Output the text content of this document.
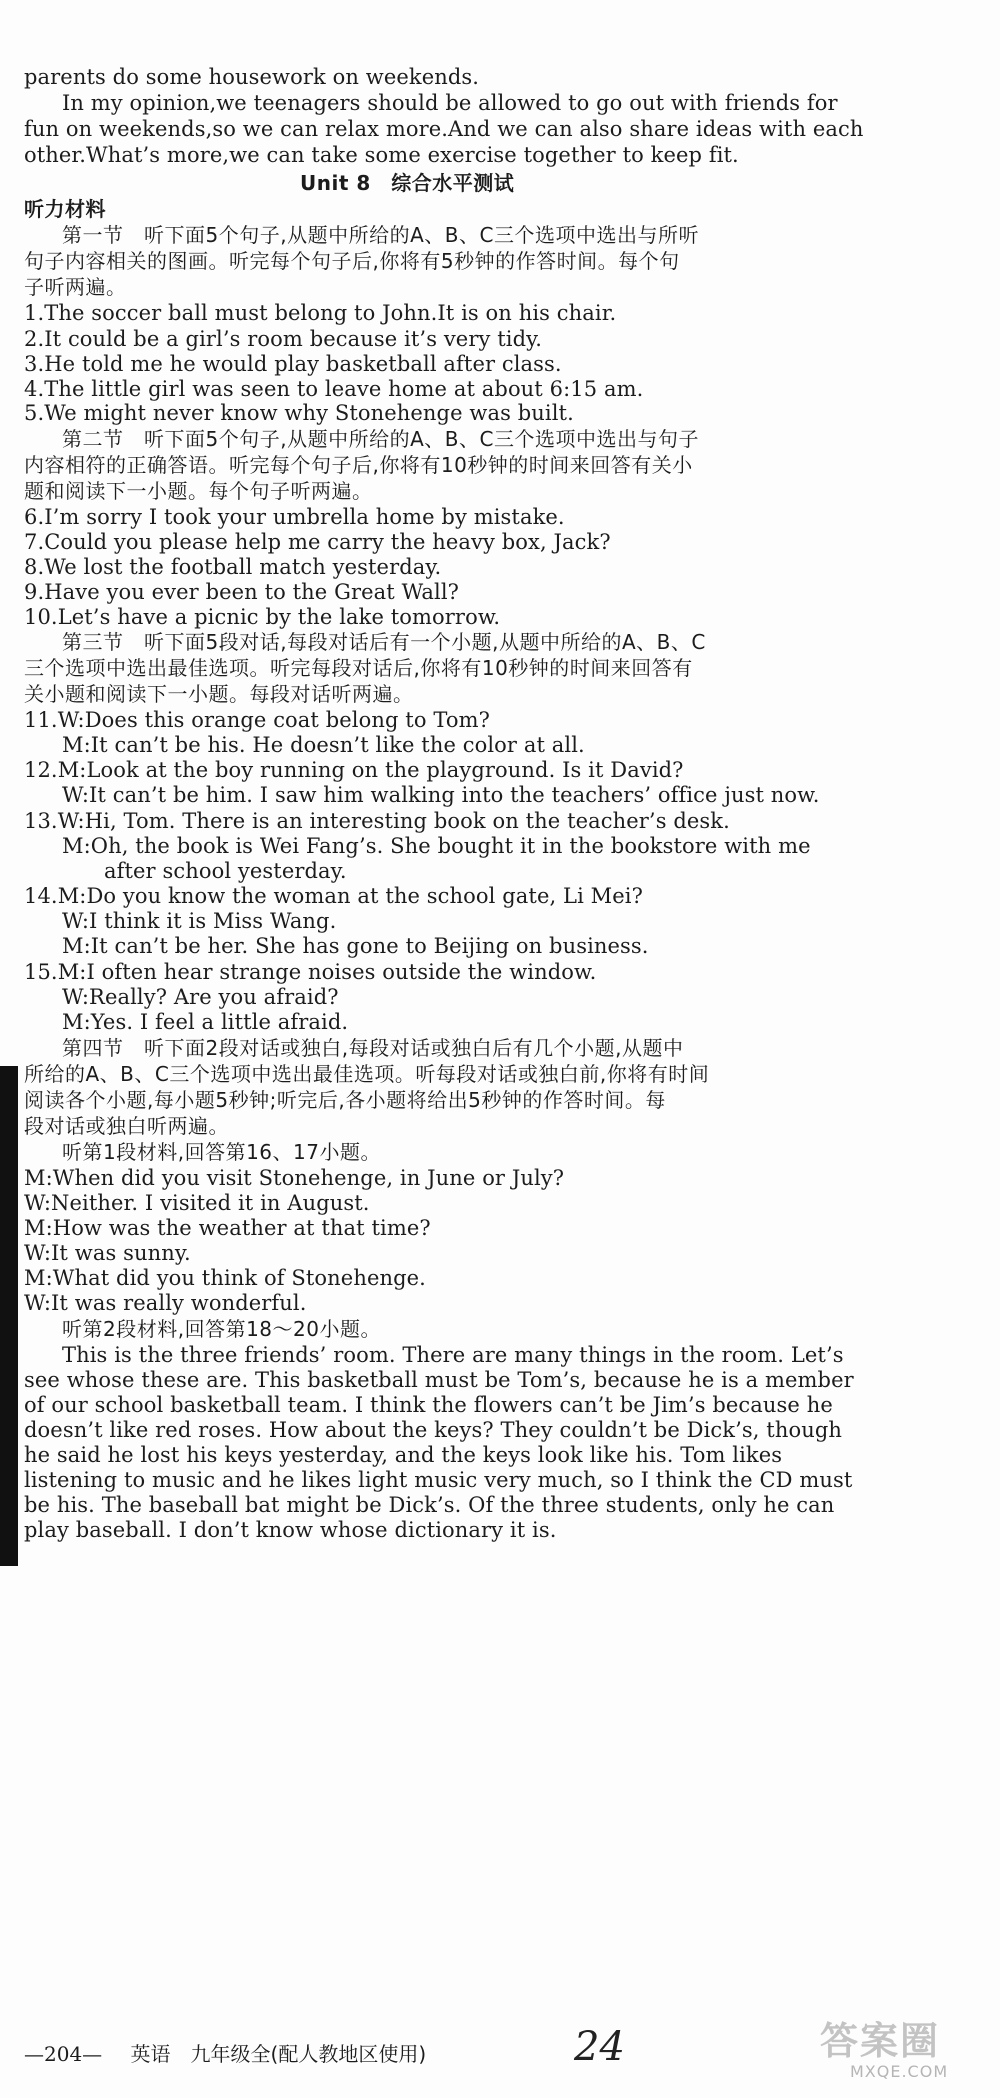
parents do some housework on weekends.
In my opinion,we teenagers should be allowed to go out with friends for
fun on weekends,so we can relax more.And we can also share ideas with each
other.What’s more,we can take some exercise together to keep fit.
Unit 8　综合水平测试
听力材料
第一节　听下面5个句子,从题中所给的A、B、C三个选项中选出与所听
句子内容相关的图画。听完每个句子后,你将有5秒钟的作答时间。每个句
子听两遍。
1.The soccer ball must belong to John.It is on his chair.
2.It could be a girl’s room because it’s very tidy.
3.He told me he would play basketball after class.
4.The little girl was seen to leave home at about 6:15 am.
5.We might never know why Stonehenge was built.
第二节　听下面5个句子,从题中所给的A、B、C三个选项中选出与句子
内容相符的正确答语。听完每个句子后,你将有10秒钟的时间来回答有关小
题和阅读下一小题。每个句子听两遍。
6.I’m sorry I took your umbrella home by mistake.
7.Could you please help me carry the heavy box, Jack?
8.We lost the football match yesterday.
9.Have you ever been to the Great Wall?
10.Let’s have a picnic by the lake tomorrow.
第三节　听下面5段对话,每段对话后有一个小题,从题中所给的A、B、C
三个选项中选出最佳选项。听完每段对话后,你将有10秒钟的时间来回答有
关小题和阅读下一小题。每段对话听两遍。
11.W:Does this orange coat belong to Tom?
M:It can’t be his. He doesn’t like the color at all.
12.M:Look at the boy running on the playground. Is it David?
W:It can’t be him. I saw him walking into the teachers’ office just now.
13.W:Hi, Tom. There is an interesting book on the teacher’s desk.
M:Oh, the book is Wei Fang’s. She bought it in the bookstore with me
after school yesterday.
14.M:Do you know the woman at the school gate, Li Mei?
W:I think it is Miss Wang.
M:It can’t be her. She has gone to Beijing on business.
15.M:I often hear strange noises outside the window.
W:Really? Are you afraid?
M:Yes. I feel a little afraid.
第四节　听下面2段对话或独白,每段对话或独白后有几个小题,从题中
所给的A、B、C三个选项中选出最佳选项。听每段对话或独白前,你将有时间
阅读各个小题,每小题5秒钟;听完后,各小题将给出5秒钟的作答时间。每
段对话或独白听两遍。
听第1段材料,回答第16、17小题。
M:When did you visit Stonehenge, in June or July?
W:Neither. I visited it in August.
M:How was the weather at that time?
W:It was sunny.
M:What did you think of Stonehenge.
W:It was really wonderful.
听第2段材料,回答第18～20小题。
This is the three friends’ room. There are many things in the room. Let’s
see whose these are. This basketball must be Tom’s, because he is a member
of our school basketball team. I think the flowers can’t be Jim’s because he
doesn’t like red roses. How about the keys? They couldn’t be Dick’s, though
he said he lost his keys yesterday, and the keys look like his. Tom likes
listening to music and he likes light music very much, so I think the CD must
be his. The baseball bat might be Dick’s. Of the three students, only he can
play baseball. I don’t know whose dictionary it is.
—204— 英语　九年级全(配人教地区使用)	24	答案圈
MXQE.COM
